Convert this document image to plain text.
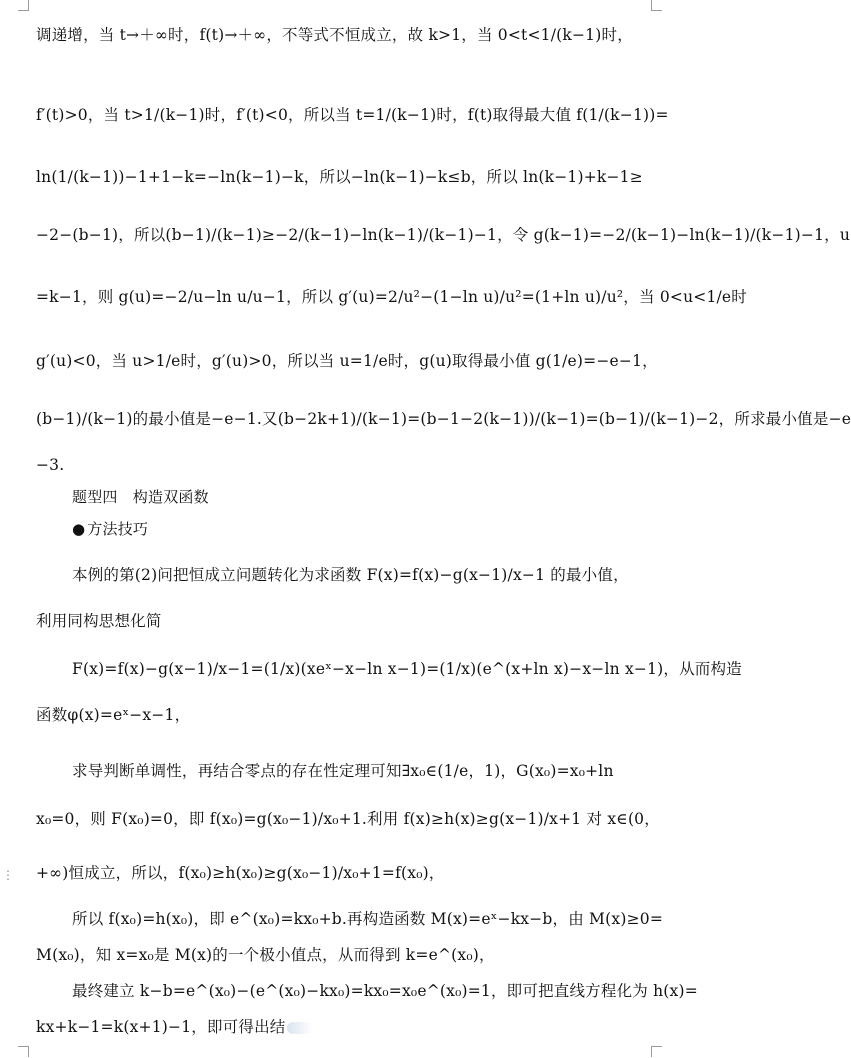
⋮
调递增，当 t→＋∞时，f(t)→＋∞，不等式不恒成立，故 k>1，当 0<t<1/(k−1)时，
f′(t)>0，当 t>1/(k−1)时，f′(t)<0，所以当 t=1/(k−1)时，f(t)取得最大值 f(1/(k−1))=
ln(1/(k−1))−1+1−k=−ln(k−1)−k，所以−ln(k−1)−k≤b，所以 ln(k−1)+k−1≥
−2−(b−1)，所以(b−1)/(k−1)≥−2/(k−1)−ln(k−1)/(k−1)−1，令 g(k−1)=−2/(k−1)−ln(k−1)/(k−1)−1，u
=k−1，则 g(u)=−2/u−ln u/u−1，所以 g′(u)=2/u²−(1−ln u)/u²=(1+ln u)/u²，当 0<u<1/e时
g′(u)<0，当 u>1/e时，g′(u)>0，所以当 u=1/e时，g(u)取得最小值 g(1/e)=−e−1，
(b−1)/(k−1)的最小值是−e−1.又(b−2k+1)/(k−1)=(b−1−2(k−1))/(k−1)=(b−1)/(k−1)−2，所求最小值是−e
−3.
题型四　构造双函数
● 方法技巧
本例的第(2)问把恒成立问题转化为求函数 F(x)=f(x)−g(x−1)/x−1 的最小值，
利用同构思想化简
F(x)=f(x)−g(x−1)/x−1=(1/x)(xeˣ−x−ln x−1)=(1/x)(e^(x+ln x)−x−ln x−1)，从而构造
函数φ(x)=eˣ−x−1，
求导判断单调性，再结合零点的存在性定理可知∃x₀∈(1/e，1)，G(x₀)=x₀+ln
x₀=0，则 F(x₀)=0，即 f(x₀)=g(x₀−1)/x₀+1.利用 f(x)≥h(x)≥g(x−1)/x+1 对 x∈(0，
+∞)恒成立，所以，f(x₀)≥h(x₀)≥g(x₀−1)/x₀+1=f(x₀)，
所以 f(x₀)=h(x₀)，即 e^(x₀)=kx₀+b.再构造函数 M(x)=eˣ−kx−b，由 M(x)≥0=
M(x₀)，知 x=x₀是 M(x)的一个极小值点，从而得到 k=e^(x₀)，
最终建立 k−b=e^(x₀)−(e^(x₀)−kx₀)=kx₀=x₀e^(x₀)=1，即可把直线方程化为 h(x)=
kx+k−1=k(x+1)−1，即可得出结
